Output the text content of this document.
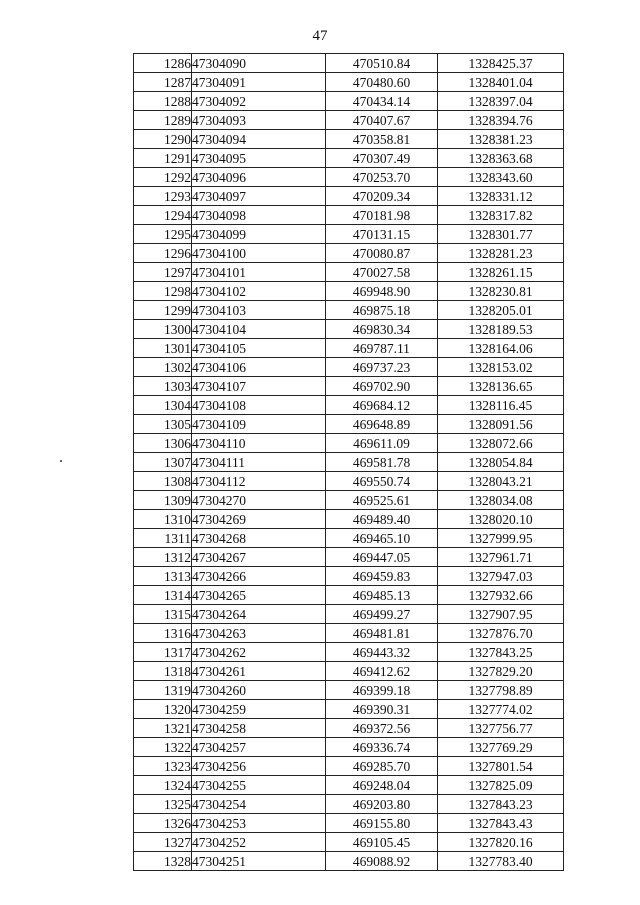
47
1286	47304090	470510.84	1328425.37
1287	47304091	470480.60	1328401.04
1288	47304092	470434.14	1328397.04
1289	47304093	470407.67	1328394.76
1290	47304094	470358.81	1328381.23
1291	47304095	470307.49	1328363.68
1292	47304096	470253.70	1328343.60
1293	47304097	470209.34	1328331.12
1294	47304098	470181.98	1328317.82
1295	47304099	470131.15	1328301.77
1296	47304100	470080.87	1328281.23
1297	47304101	470027.58	1328261.15
1298	47304102	469948.90	1328230.81
1299	47304103	469875.18	1328205.01
1300	47304104	469830.34	1328189.53
1301	47304105	469787.11	1328164.06
1302	47304106	469737.23	1328153.02
1303	47304107	469702.90	1328136.65
1304	47304108	469684.12	1328116.45
1305	47304109	469648.89	1328091.56
1306	47304110	469611.09	1328072.66
1307	47304111	469581.78	1328054.84
1308	47304112	469550.74	1328043.21
1309	47304270	469525.61	1328034.08
1310	47304269	469489.40	1328020.10
1311	47304268	469465.10	1327999.95
1312	47304267	469447.05	1327961.71
1313	47304266	469459.83	1327947.03
1314	47304265	469485.13	1327932.66
1315	47304264	469499.27	1327907.95
1316	47304263	469481.81	1327876.70
1317	47304262	469443.32	1327843.25
1318	47304261	469412.62	1327829.20
1319	47304260	469399.18	1327798.89
1320	47304259	469390.31	1327774.02
1321	47304258	469372.56	1327756.77
1322	47304257	469336.74	1327769.29
1323	47304256	469285.70	1327801.54
1324	47304255	469248.04	1327825.09
1325	47304254	469203.80	1327843.23
1326	47304253	469155.80	1327843.43
1327	47304252	469105.45	1327820.16
1328	47304251	469088.92	1327783.40
